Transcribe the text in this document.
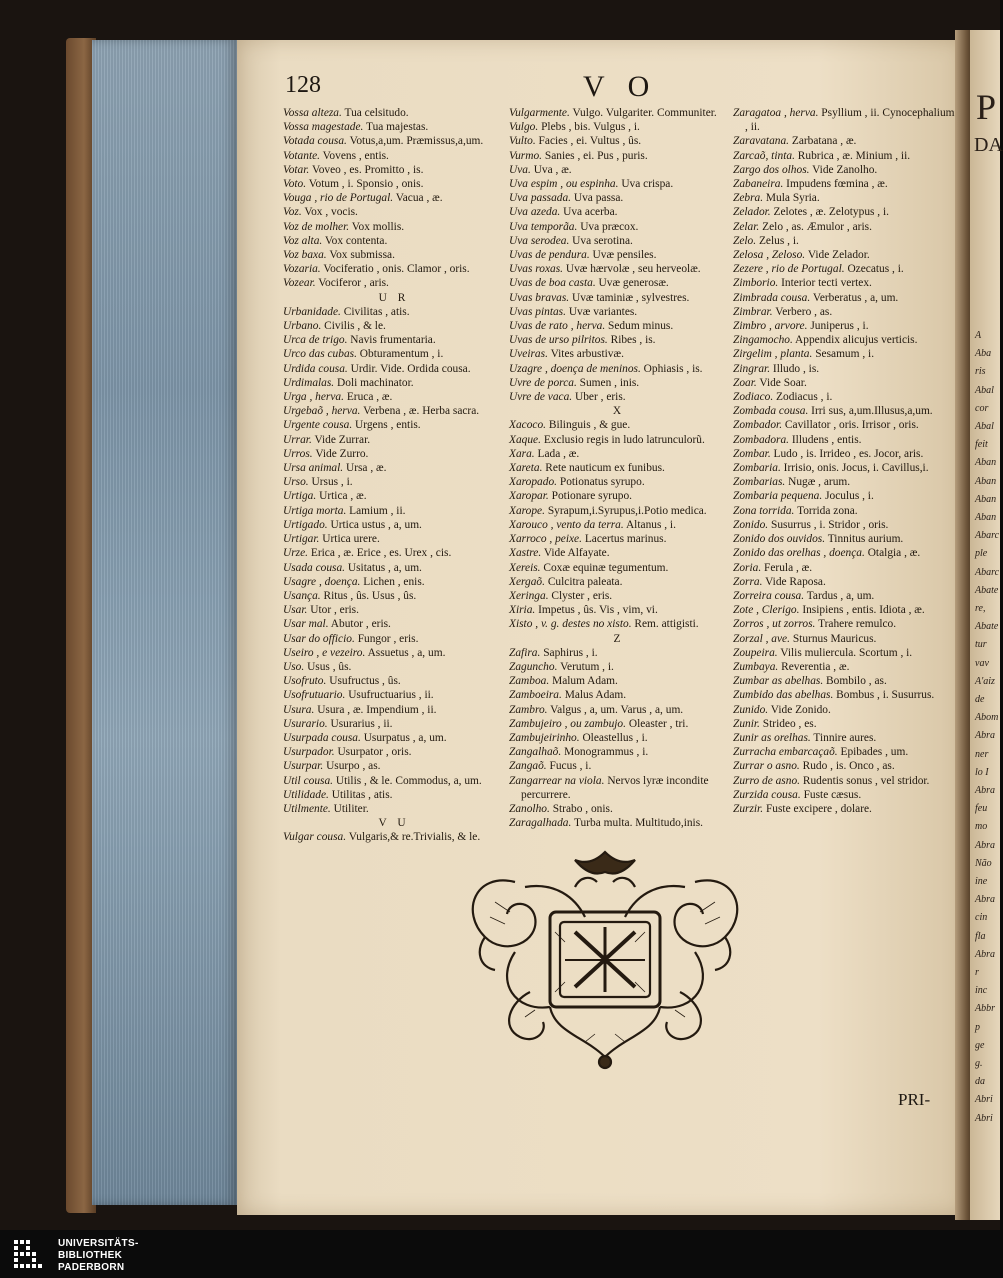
P
DA
A
Aba
ris
Abal
cor
Abal
feit
Aban
Aban
Aban
Aban
Abarc
ple
Abarc
Abate
re,
Abate
tur
vav
A'aiz
de
Abom
Abra
ner
lo I
Abra
feu
mo
Abra
Não
ine
Abra
cin
fla
Abra
r
inc
Abbr
p
ge
g.
da
Abri
Abri
128	V O
Vossa alteza. Tua celsitudo.
Vossa magestade. Tua majestas.
Votada cousa. Votus,a,um. Præmissus,a,um.
Votante. Vovens , entis.
Votar. Voveo , es. Promitto , is.
Voto. Votum , i. Sponsio , onis.
Vouga , rio de Portugal. Vacua , æ.
Voz. Vox , vocis.
Voz de molher. Vox mollis.
Voz alta. Vox contenta.
Voz baxa. Vox submissa.
Vozaria. Vociferatio , onis. Clamor , oris.
Vozear. Vociferor , aris.
U R
Urbanidade. Civilitas , atis.
Urbano. Civilis , & le.
Urca de trigo. Navis frumentaria.
Urco das cubas. Obturamentum , i.
Urdida cousa. Urdir. Vide. Ordida cousa.
Urdimalas. Doli machinator.
Urga , herva. Eruca , æ.
Urgebaõ , herva. Verbena , æ. Herba sacra.
Urgente cousa. Urgens , entis.
Urrar. Vide Zurrar.
Urros. Vide Zurro.
Ursa animal. Ursa , æ.
Urso. Ursus , i.
Urtiga. Urtica , æ.
Urtiga morta. Lamium , ii.
Urtigado. Urtica ustus , a, um.
Urtigar. Urtica urere.
Urze. Erica , æ. Erice , es. Urex , cis.
Usada cousa. Usitatus , a, um.
Usagre , doença. Lichen , enis.
Usança. Ritus , ûs. Usus , ûs.
Usar. Utor , eris.
Usar mal. Abutor , eris.
Usar do officio. Fungor , eris.
Useiro , e vezeiro. Assuetus , a, um.
Uso. Usus , ûs.
Usofruto. Usufructus , ûs.
Usofrutuario. Usufructuarius , ii.
Usura. Usura , æ. Impendium , ii.
Usurario. Usurarius , ii.
Usurpada cousa. Usurpatus , a, um.
Usurpador. Usurpator , oris.
Usurpar. Usurpo , as.
Util cousa. Utilis , & le. Commodus, a, um.
Utilidade. Utilitas , atis.
Utilmente. Utiliter.
V U
Vulgar cousa. Vulgaris,& re.Trivialis, & le.
Vulgarmente. Vulgo. Vulgariter. Communiter.
Vulgo. Plebs , bis. Vulgus , i.
Vulto. Facies , ei. Vultus , ûs.
Vurmo. Sanies , ei. Pus , puris.
Uva. Uva , æ.
Uva espim , ou espinha. Uva crispa.
Uva passada. Uva passa.
Uva azeda. Uva acerba.
Uva temporãa. Uva præcox.
Uva serodea. Uva serotina.
Uvas de pendura. Uvæ pensiles.
Uvas roxas. Uvæ hærvolæ , seu herveolæ.
Uvas de boa casta. Uvæ generosæ.
Uvas bravas. Uvæ taminiæ , sylvestres.
Uvas pintas. Uvæ variantes.
Uvas de rato , herva. Sedum minus.
Uvas de urso pilritos. Ribes , is.
Uveiras. Vites arbustivæ.
Uzagre , doença de meninos. Ophiasis , is.
Uvre de porca. Sumen , inis.
Uvre de vaca. Uber , eris.
X
Xacoco. Bilinguis , & gue.
Xaque. Exclusio regis in ludo latrunculorũ.
Xara. Lada , æ.
Xareta. Rete nauticum ex funibus.
Xaropado. Potionatus syrupo.
Xaropar. Potionare syrupo.
Xarope. Syrapum,i.Syrupus,i.Potio medica.
Xarouco , vento da terra. Altanus , i.
Xarroco , peixe. Lacertus marinus.
Xastre. Vide Alfayate.
Xereis. Coxæ equinæ tegumentum.
Xergaõ. Culcitra paleata.
Xeringa. Clyster , eris.
Xiria. Impetus , ûs. Vis , vim, vi.
Xisto , v. g. destes no xisto. Rem. attigisti.
Z
Zafira. Saphirus , i.
Zaguncho. Verutum , i.
Zamboa. Malum Adam.
Zamboeira. Malus Adam.
Zambro. Valgus , a, um. Varus , a, um.
Zambujeiro , ou zambujo. Oleaster , tri.
Zambujeirinho. Oleastellus , i.
Zangalhaõ. Monogrammus , i.
Zangaõ. Fucus , i.
Zangarrear na viola. Nervos lyræ incondite percurrere.
Zanolho. Strabo , onis.
Zaragalhada. Turba multa. Multitudo,inis.
Zaragatoa , herva. Psyllium , ii. Cynocephalium , ii.
Zaravatana. Zarbatana , æ.
Zarcaõ, tinta. Rubrica , æ. Minium , ii.
Zargo dos olhos. Vide Zanolho.
Zabaneira. Impudens fœmina , æ.
Zebra. Mula Syria.
Zelador. Zelotes , æ. Zelotypus , i.
Zelar. Zelo , as. Æmulor , aris.
Zelo. Zelus , i.
Zelosa , Zeloso. Vide Zelador.
Zezere , rio de Portugal. Ozecatus , i.
Zimborio. Interior tecti vertex.
Zimbrada cousa. Verberatus , a, um.
Zimbrar. Verbero , as.
Zimbro , arvore. Juniperus , i.
Zingamocho. Appendix alicujus verticis.
Zirgelim , planta. Sesamum , i.
Zingrar. Illudo , is.
Zoar. Vide Soar.
Zodiaco. Zodiacus , i.
Zombada cousa. Irri sus, a,um.Illusus,a,um.
Zombador. Cavillator , oris. Irrisor , oris.
Zombadora. Illudens , entis.
Zombar. Ludo , is. Irrideo , es. Jocor, aris.
Zombaria. Irrisio, onis. Jocus, i. Cavillus,i.
Zombarias. Nugæ , arum.
Zombaria pequena. Joculus , i.
Zona torrida. Torrida zona.
Zonido. Susurrus , i. Stridor , oris.
Zonido dos ouvidos. Tinnitus aurium.
Zonido das orelhas , doença. Otalgia , æ.
Zoria. Ferula , æ.
Zorra. Vide Raposa.
Zorreira cousa. Tardus , a, um.
Zote , Clerigo. Insipiens , entis. Idiota , æ.
Zorros , ut zorros. Trahere remulco.
Zorzal , ave. Sturnus Mauricus.
Zoupeira. Vilis muliercula. Scortum , i.
Zumbaya. Reverentia , æ.
Zumbar as abelhas. Bombilo , as.
Zumbido das abelhas. Bombus , i. Susurrus.
Zunido. Vide Zonido.
Zunir. Strideo , es.
Zunir as orelhas. Tinnire aures.
Zurracha embarcaçaõ. Epibades , um.
Zurrar o asno. Rudo , is. Onco , as.
Zurro de asno. Rudentis sonus , vel stridor.
Zurzida cousa. Fuste cæsus.
Zurzir. Fuste excipere , dolare.
PRI-
UNIVERSITÄTS-
BIBLIOTHEK
PADERBORN
